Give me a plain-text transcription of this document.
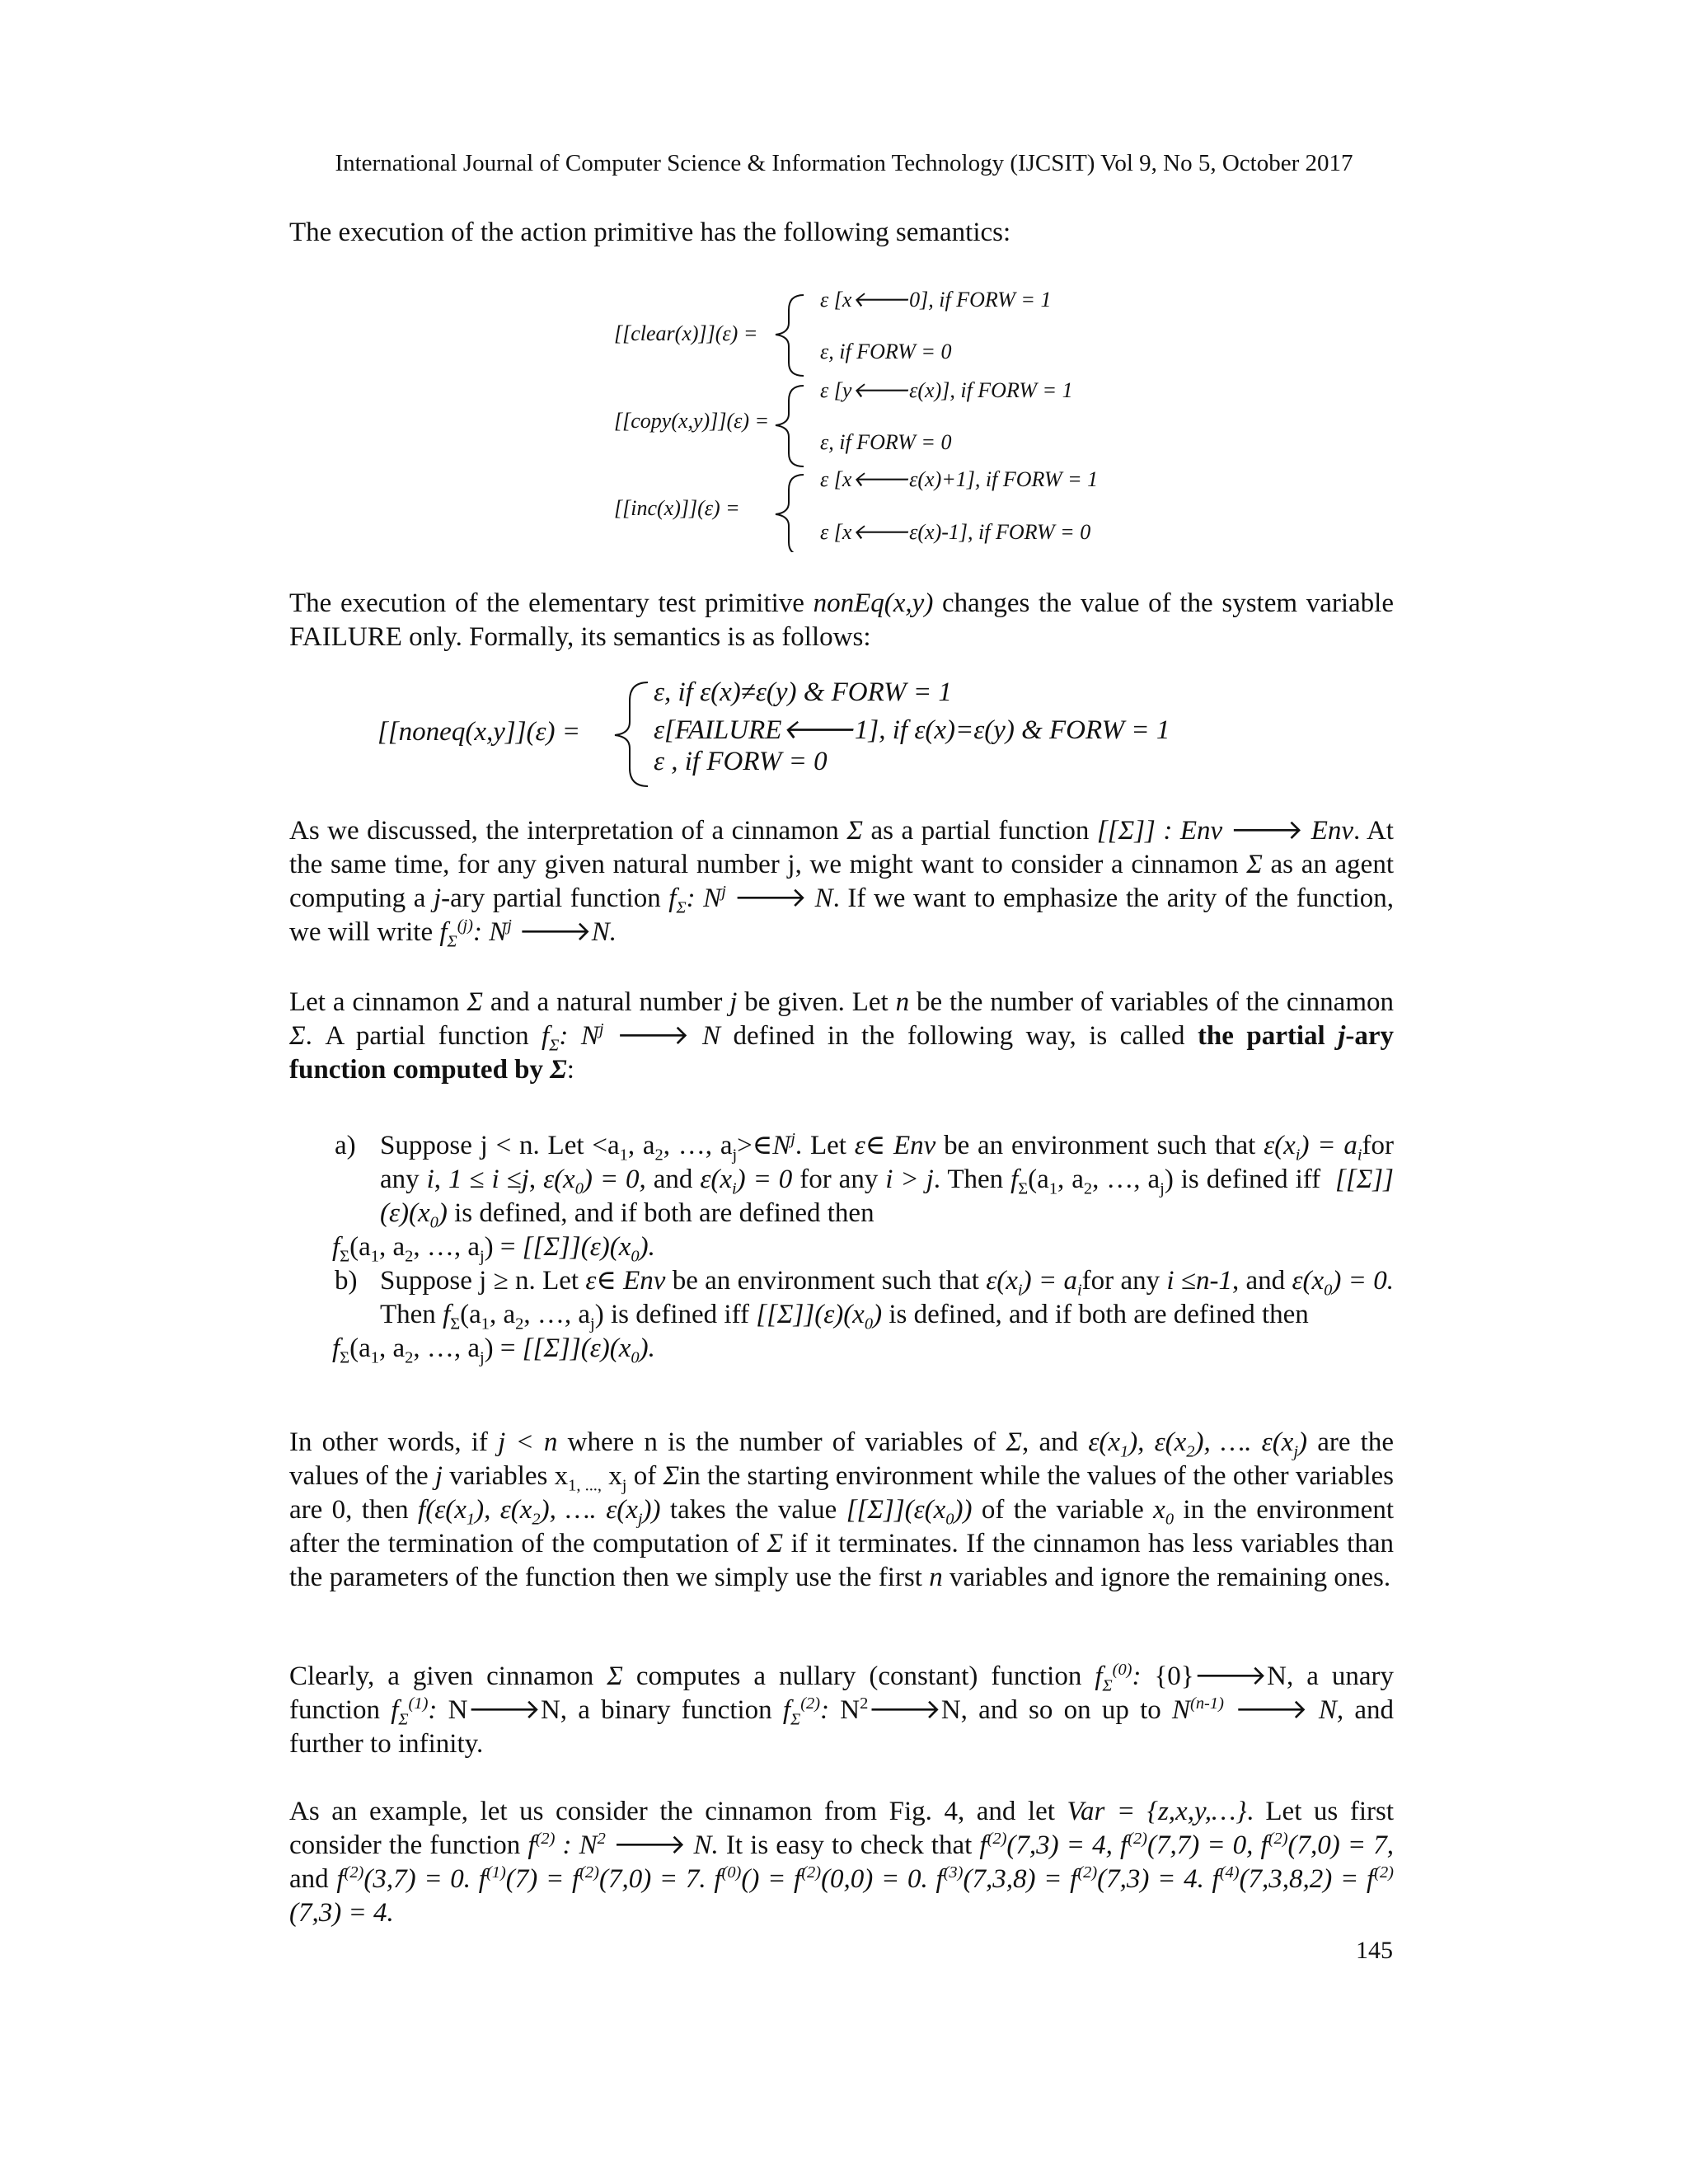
International Journal of Computer Science & Information Technology (IJCSIT) Vol 9, No 5, October 2017
The execution of the action primitive has the following semantics:
[[clear(x)]](ε) =
ε [x🡐0], if FORW = 1
ε, if FORW = 0
[[copy(x,y)]](ε) =
ε [y🡐ε(x)], if FORW = 1
ε, if FORW = 0
[[inc(x)]](ε) =
ε [x🡐ε(x)+1], if FORW = 1
ε [x🡐ε(x)-1], if FORW = 0

The execution of the elementary test primitive nonEq(x,y) changes the value of the system variable FAILURE only. Formally, its semantics is as follows:

[[noneq(x,y]](ε) =
ε, if ε(x)≠ε(y) & FORW = 1
ε[FAILURE🡐1], if ε(x)=ε(y) & FORW = 1
ε , if FORW = 0

As we discussed, the interpretation of a cinnamon Σ as a partial function [[Σ]] : Env 🡒 Env. At the same time, for any given natural number j, we might want to consider a cinnamon Σ as an agent computing a j-ary partial function $f_\Sigma$: $N^j$ 🡒 N. If we want to emphasize the arity of the function, we will write $f_\Sigma^{(j)}$: $N^j$ 🡒N.

Let a cinnamon Σ and a natural number j be given. Let n be the number of variables of the cinnamon Σ. A partial function $f_\Sigma$: $N^j$ 🡒 N defined in the following way, is called the partial j-ary function computed by Σ:

a) Suppose j < n. Let $<a_1$, $a_2$, …, $a_j>\in N^j$. Let ε∈ Env be an environment such that $\varepsilon(x_i) = a_ifor$ any i, 1 ≤ i ≤j, $\varepsilon(x_0) = 0$, and $\varepsilon(x_i) = 0$ for any i > j. Then $f_\Sigma(a_1$, $a_2$, …, $a_j$) is defined iff  $[[\Sigma]](\varepsilon)(x_0)$ is defined, and if both are defined then

$f_\Sigma(a_1$, $a_2$, …, $a_j) = [[\Sigma]](\varepsilon)(x_0)$.

b) Suppose j ≥ n. Let ε∈ Env be an environment such that $\varepsilon(x_i) = a_ifor$ any i ≤n-1, and $\varepsilon(x_0) = 0$. Then $f_\Sigma(a_1$, $a_2$, …, $a_j$) is defined iff $[[\Sigma]](\varepsilon)(x_0)$ is defined, and if both are defined then

$f_\Sigma(a_1$, $a_2$, …, $a_j) = [[\Sigma]](\varepsilon)(x_0)$.

In other words, if j < n where n is the number of variables of Σ, and $\varepsilon(x_1)$, $\varepsilon(x_2)$, …. $\varepsilon(x_j)$ are the values of the j variables $x_{1, ...,}$ $x_j$ of Σin the starting environment while the values of the other variables are 0, then $f(\varepsilon(x_1)$, $\varepsilon(x_2)$, …. $\varepsilon(x_j)$) takes the value $[[\Sigma]](\varepsilon(x_0))$ of the variable $x_0$ in the environment after the termination of the computation of Σ if it terminates. If the cinnamon has less variables than the parameters of the function then we simply use the first n variables and ignore the remaining ones.

Clearly, a given cinnamon Σ computes a nullary (constant) function $f_\Sigma^{(0)}$: {0}🡒N, a unary function $f_\Sigma^{(1)}$: N🡒N, a binary function $f_\Sigma^{(2)}$: $N^2🡒N$, and so on up to $N^{(n-1)}$ 🡒 N, and further to infinity.

As an example, let us consider the cinnamon from Fig. 4, and let Var = {z,x,y,…}. Let us first consider the function $f^{(2)}$ : $N^2$ 🡒 N. It is easy to check that $f^{(2)}(7,3) = 4$, $f^{(2)}(7,7) = 0$, $f^{(2)}(7,0) = 7$, and $f^{(2)}(3,7) = 0$. $f^{(1)}(7) = f^{(2)}(7,0) = 7$. $f^{(0)}() = f^{(2)}(0,0) = 0$. $f^{(3)}(7,3,8) = f^{(2)}(7,3) = 4$. $f^{(4)}(7,3,8,2) = f^{(2)}(7,3) = 4$.

145
